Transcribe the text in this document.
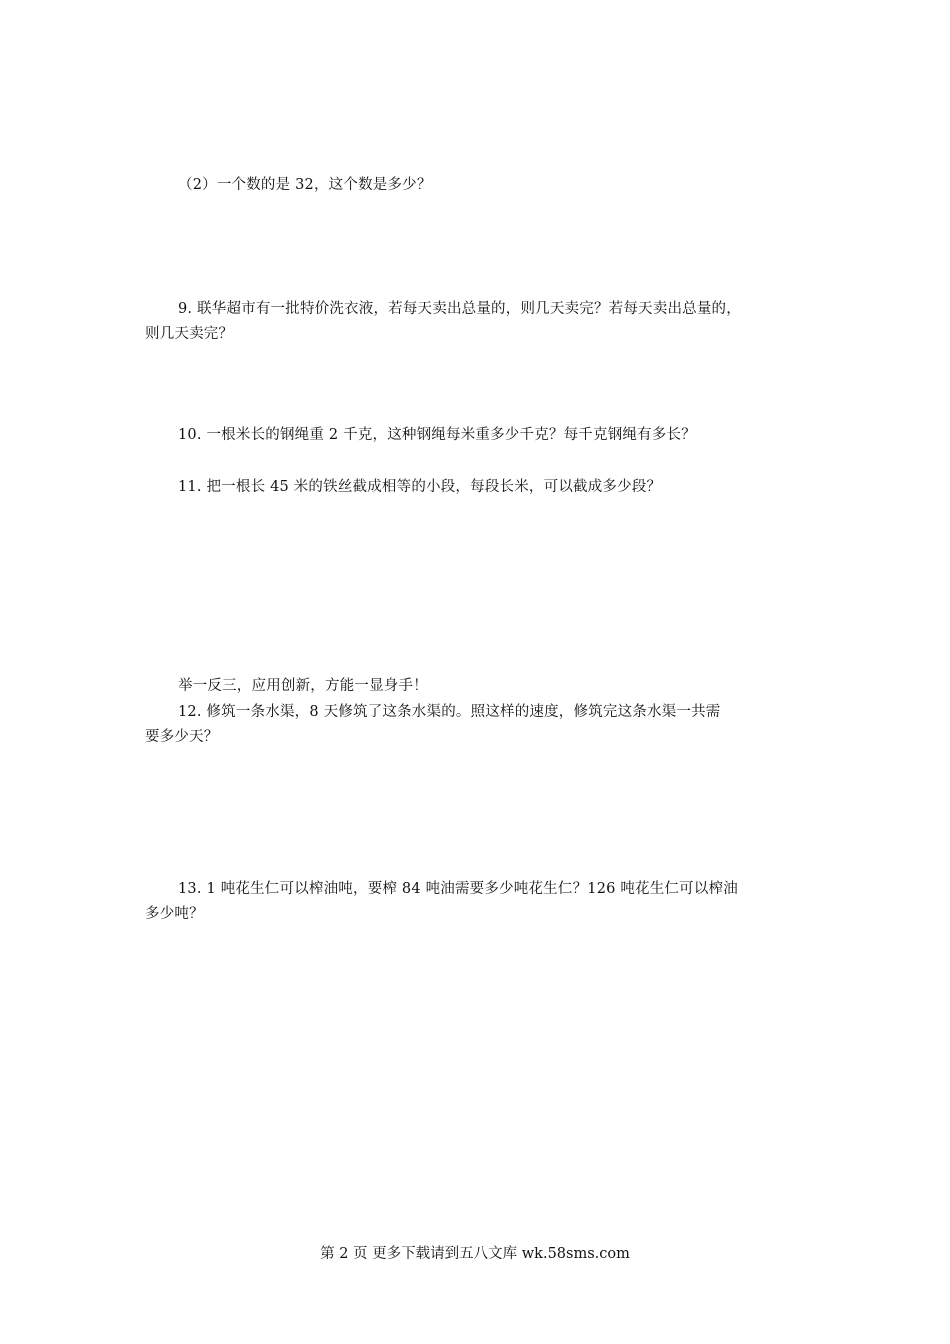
（2）一个数的是 32，这个数是多少？
9. 联华超市有一批特价洗衣液，若每天卖出总量的，则几天卖完？若每天卖出总量的，
则几天卖完？
10. 一根米长的钢绳重 2 千克，这种钢绳每米重多少千克？每千克钢绳有多长？
11. 把一根长 45 米的铁丝截成相等的小段，每段长米，可以截成多少段？
举一反三，应用创新，方能一显身手！
12. 修筑一条水渠，8 天修筑了这条水渠的。照这样的速度，修筑完这条水渠一共需
要多少天？
13. 1 吨花生仁可以榨油吨，要榨 84 吨油需要多少吨花生仁？126 吨花生仁可以榨油
多少吨？
第 2 页 更多下载请到五八文库 wk.58sms.com
